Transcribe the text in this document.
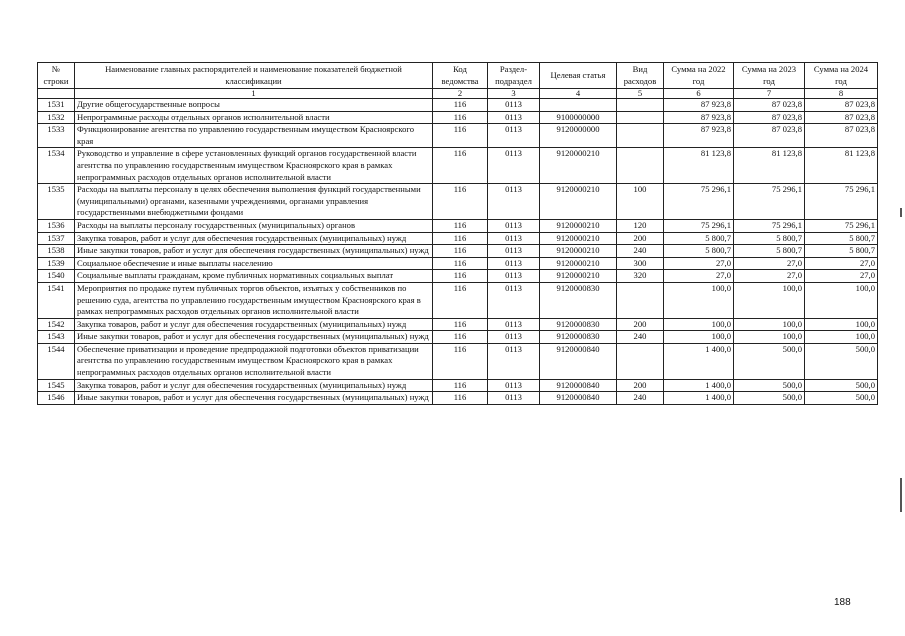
№ строки	Наименование главных распорядителей и наименование показателей бюджетной классификации	Код ведомства	Раздел-подраздел	Целевая статья	Вид расходов	Сумма на 2022 год	Сумма на 2023 год	Сумма на 2024 год
	1	2	3	4	5	6	7	8
1531	Другие общегосударственные вопросы	116	0113			87 923,8	87 023,8	87 023,8
1532	Непрограммные расходы отдельных органов исполнительной власти	116	0113	9100000000		87 923,8	87 023,8	87 023,8
1533	Функционирование агентства по управлению государственным имуществом Красноярского края	116	0113	9120000000		87 923,8	87 023,8	87 023,8
1534	Руководство и управление в сфере установленных функций органов государственной власти агентства по управлению государственным имуществом Красноярского края в рамках непрограммных расходов отдельных органов исполнительной власти	116	0113	9120000210		81 123,8	81 123,8	81 123,8
1535	Расходы на выплаты персоналу в целях обеспечения выполнения функций государственными (муниципальными) органами, казенными учреждениями, органами управления государственными внебюджетными фондами	116	0113	9120000210	100	75 296,1	75 296,1	75 296,1
1536	Расходы на выплаты персоналу государственных (муниципальных) органов	116	0113	9120000210	120	75 296,1	75 296,1	75 296,1
1537	Закупка товаров, работ и услуг для обеспечения государственных (муниципальных) нужд	116	0113	9120000210	200	5 800,7	5 800,7	5 800,7
1538	Иные закупки товаров, работ и услуг для обеспечения государственных (муниципальных) нужд	116	0113	9120000210	240	5 800,7	5 800,7	5 800,7
1539	Социальное обеспечение и иные выплаты населению	116	0113	9120000210	300	27,0	27,0	27,0
1540	Социальные выплаты гражданам, кроме публичных нормативных социальных выплат	116	0113	9120000210	320	27,0	27,0	27,0
1541	Мероприятия по продаже путем публичных торгов объектов, изъятых у собственников по решению суда, агентства по управлению государственным имуществом Красноярского края в рамках непрограммных расходов отдельных органов исполнительной власти	116	0113	9120000830		100,0	100,0	100,0
1542	Закупка товаров, работ и услуг для обеспечения государственных (муниципальных) нужд	116	0113	9120000830	200	100,0	100,0	100,0
1543	Иные закупки товаров, работ и услуг для обеспечения государственных (муниципальных) нужд	116	0113	9120000830	240	100,0	100,0	100,0
1544	Обеспечение приватизации и проведение предпродажной подготовки объектов приватизации агентства по управлению государственным имуществом Красноярского края в рамках непрограммных расходов отдельных органов исполнительной власти	116	0113	9120000840		1 400,0	500,0	500,0
1545	Закупка товаров, работ и услуг для обеспечения государственных (муниципальных) нужд	116	0113	9120000840	200	1 400,0	500,0	500,0
1546	Иные закупки товаров, работ и услуг для обеспечения государственных (муниципальных) нужд	116	0113	9120000840	240	1 400,0	500,0	500,0
188
